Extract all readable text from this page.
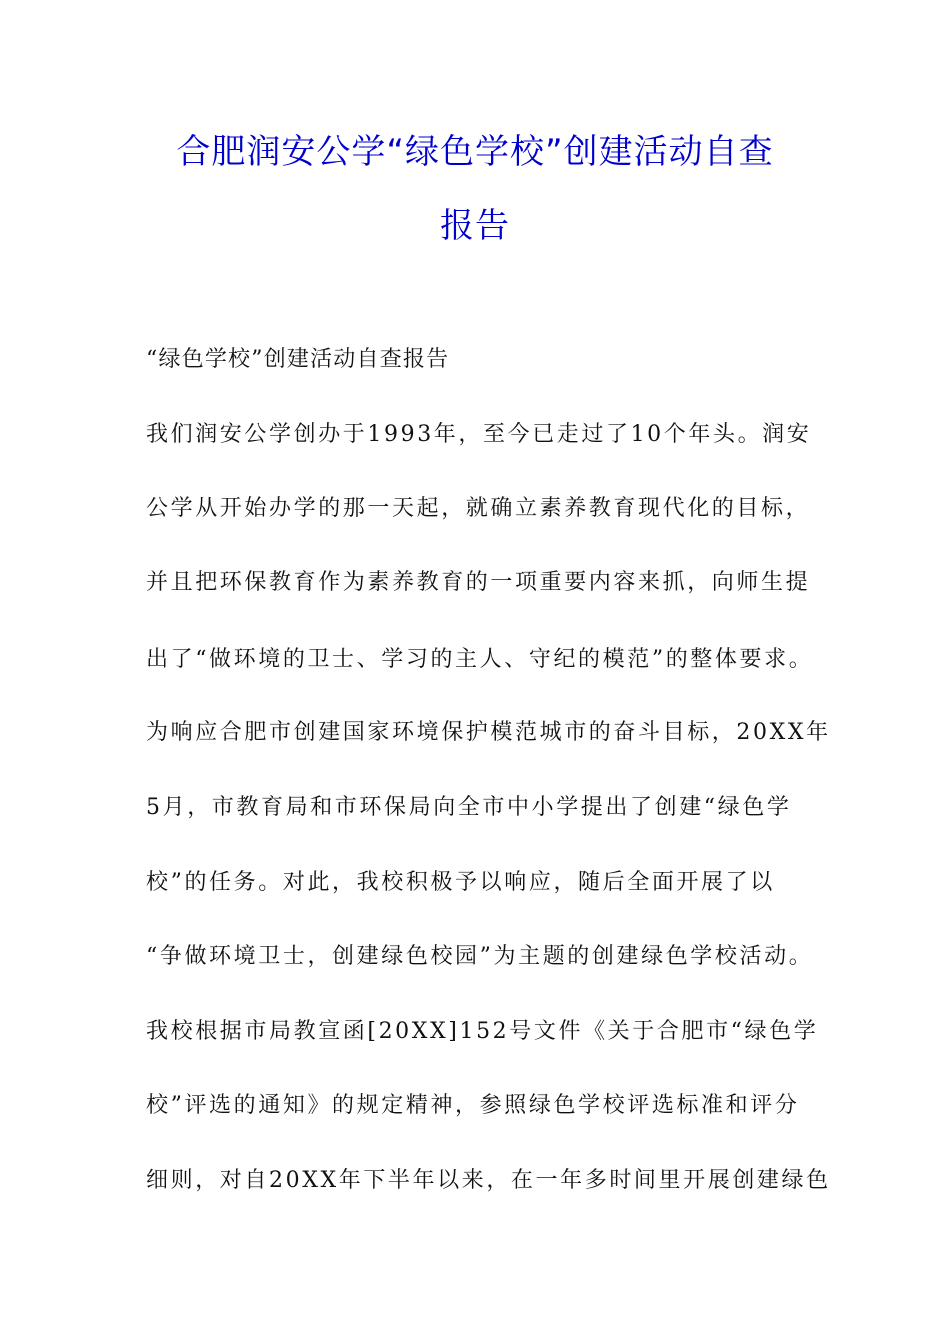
合肥润安公学“绿色学校”创建活动自查
报告
“绿色学校”创建活动自查报告
我们润安公学创办于1993年，至今已走过了10个年头。润安
公学从开始办学的那一天起，就确立素养教育现代化的目标，
并且把环保教育作为素养教育的一项重要内容来抓，向师生提
出了“做环境的卫士、学习的主人、守纪的模范”的整体要求。
为响应合肥市创建国家环境保护模范城市的奋斗目标，20XX年
5月，市教育局和市环保局向全市中小学提出了创建“绿色学
校”的任务。对此，我校积极予以响应，随后全面开展了以
“争做环境卫士，创建绿色校园”为主题的创建绿色学校活动。
我校根据市局教宣函[20XX]152号文件《关于合肥市“绿色学
校”评选的通知》的规定精神，参照绿色学校评选标准和评分
细则，对自20XX年下半年以来，在一年多时间里开展创建绿色
